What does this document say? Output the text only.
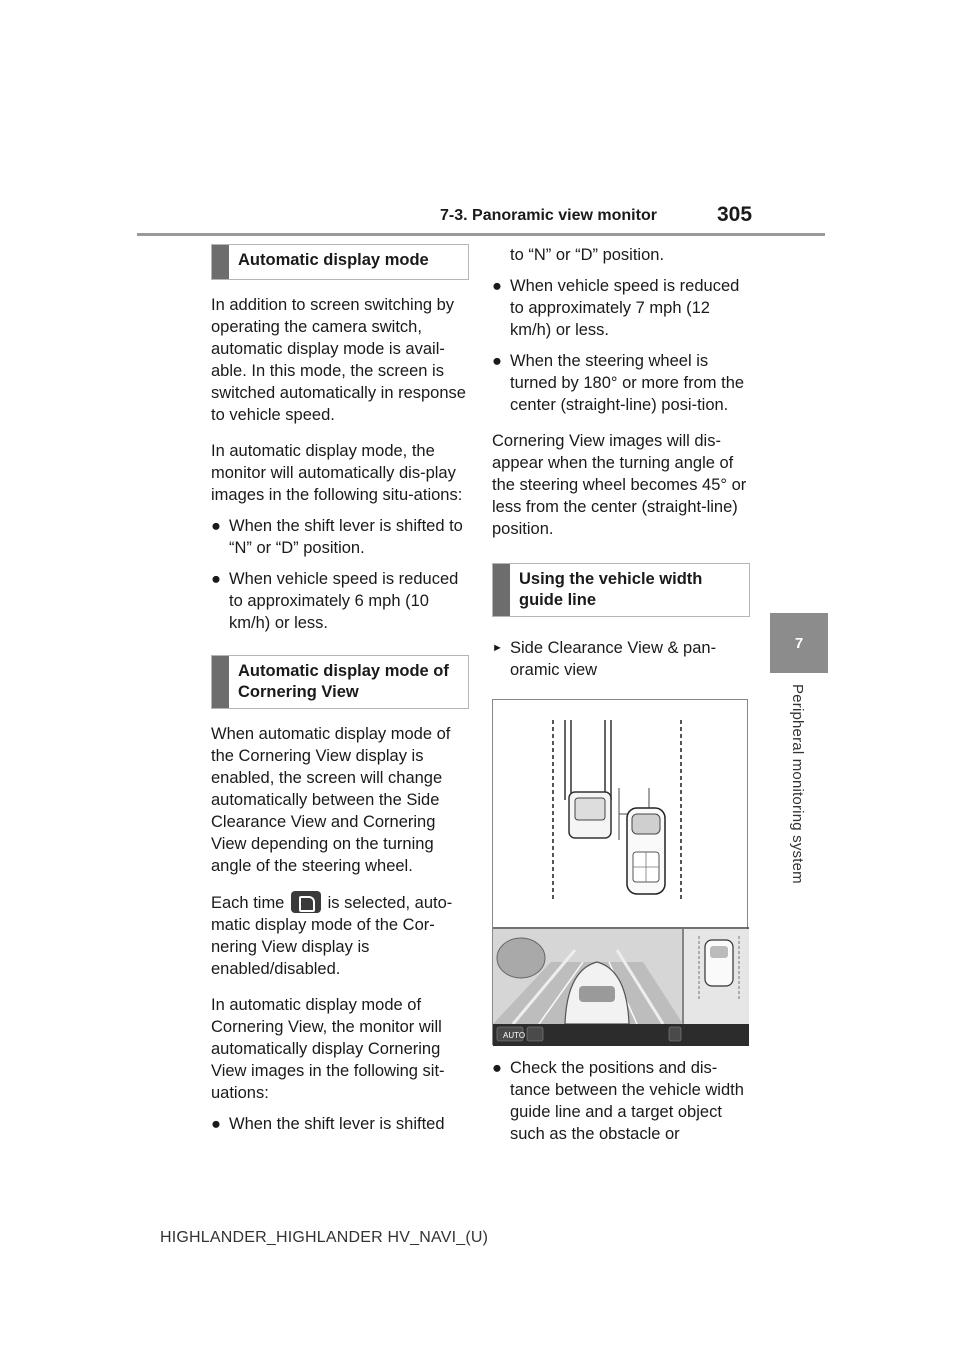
7-3. Panoramic view monitor	305
7
Peripheral monitoring system
HIGHLANDER_HIGHLANDER HV_NAVI_(U)
Automatic display mode

In addition to screen switching by operating the camera switch, automatic display mode is avail-able. In this mode, the screen is switched automatically in response to vehicle speed.

In automatic display mode, the monitor will automatically dis-play images in the following situ-ations:

● When the shift lever is shifted to “N” or “D” position.
● When vehicle speed is reduced to approximately 6 mph (10 km/h) or less.
Automatic display mode of Cornering View

When automatic display mode of the Cornering View display is enabled, the screen will change automatically between the Side Clearance View and Cornering View depending on the turning angle of the steering wheel.

Each time	is selected, auto-matic display mode of the Cor-nering View display is enabled/disabled.

In automatic display mode of Cornering View, the monitor will automatically display Cornering View images in the following sit-uations:

● When the shift lever is shifted
to “N” or “D” position.
● When vehicle speed is reduced to approximately 7 mph (12 km/h) or less.
● When the steering wheel is turned by 180° or more from the center (straight-line) posi-tion.

Cornering View images will dis-appear when the turning angle of the steering wheel becomes 45° or less from the center (straight-line) position.

Using the vehicle width guide line
► Side Clearance View & pan-oramic view
AUTO
● Check the positions and dis-tance between the vehicle width guide line and a target object such as the obstacle or
